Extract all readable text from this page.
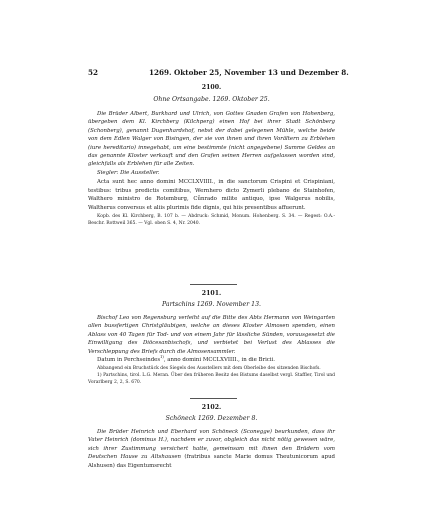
52	1269. Oktober 25, November 13 und Dezember 8.
2100.
Ohne Ortsangabe. 1269. Oktober 25.

Die Brüder Albert, Burkhard und Ulrich, von Gottes Gnaden Grafen von Hohenberg, übergeben dem Kl. Kirchberg (Kilchperg) einen Hof bei ihrer Stadt Schönberg (Schonberg), genannt Dugenhardshof, nebst der dabei gelegenen Mühle, welche beide von dem Edlen Walger von Bisingen, der sie von ihnen und ihren Vorältern zu Erblehen (iure hereditario) innegehabt, um eine bestimmte (nicht angegebene) Summe Geldes an das genannte Kloster verkauft und den Grafen seinen Herren aufgelassen worden sind, gleichfalls als Erblehen für alle Zeiten.

Siegler: Die Aussteller.

Acta sunt hec anno domini MCCLXVIIII., in die sanctorum Crispini et Crispiniani, testibus: tribus predictis comitibus, Wernhero dicto Zymerli plebano de Stainhofen, Walthero ministro de Rotemburg, Cůnrado milite antiquo, ipse Walgerus nobilis, Waltherus conversus et aliis plurimis fide dignis, qui hiis presentibus affuerunt.

Kopb. des Kl. Kirchberg, B. 107 b. — Abdruck: Schmid, Monum. Hohenberg. S. 34. — Regest: O.A.-Beschr. Rottweil 365. — Vgl. oben S. 4, Nr. 2040.

2101.
Partschins 1269. November 13.

Bischof Leo von Regensburg verleiht auf die Bitte des Abts Hermann von Weingarten allen bussfertigen Christgläubigen, welche an dieses Kloster Almosen spenden, einen Ablass von 40 Tagen für Tod- und von einem Jahr für lässliche Sünden, vorausgesetzt die Einwilligung des Diöcesanbischofs, und verbietet bei Verlust des Ablasses die Verschleppung des Briefs durch die Almosensammler.

Datum in Perchseindes$^{1)}$, anno domini MCCLXVIIII., in die Bricii.

Abbangend ein Bruchstück des Siegels des Ausstellers mit dem Oberleibe des sitzenden Bischofs.

1) Partschins, tirol. L.G. Meran. Über den früheren Besitz des Bistums daselbst vergl. Staffler, Tirol und Vorarlberg 2, 2, S. 670.

2102.
Schöneck 1269. Dezember 8.

Die Brüder Heinrich und Eberhard von Schöneck (Sconegge) beurkunden, dass ihr Vater Heinrich (dominus H.), nachdem er zuvor, obgleich das nicht nötig gewesen wäre, sich ihrer Zustimmung versichert hatte, gemeinsam mit ihnen den Brüdern vom Deutschen Hause zu Altshausen (fratribus sancte Marie domus Theutunicorum apud Alshusen) das Eigentumsrecht
